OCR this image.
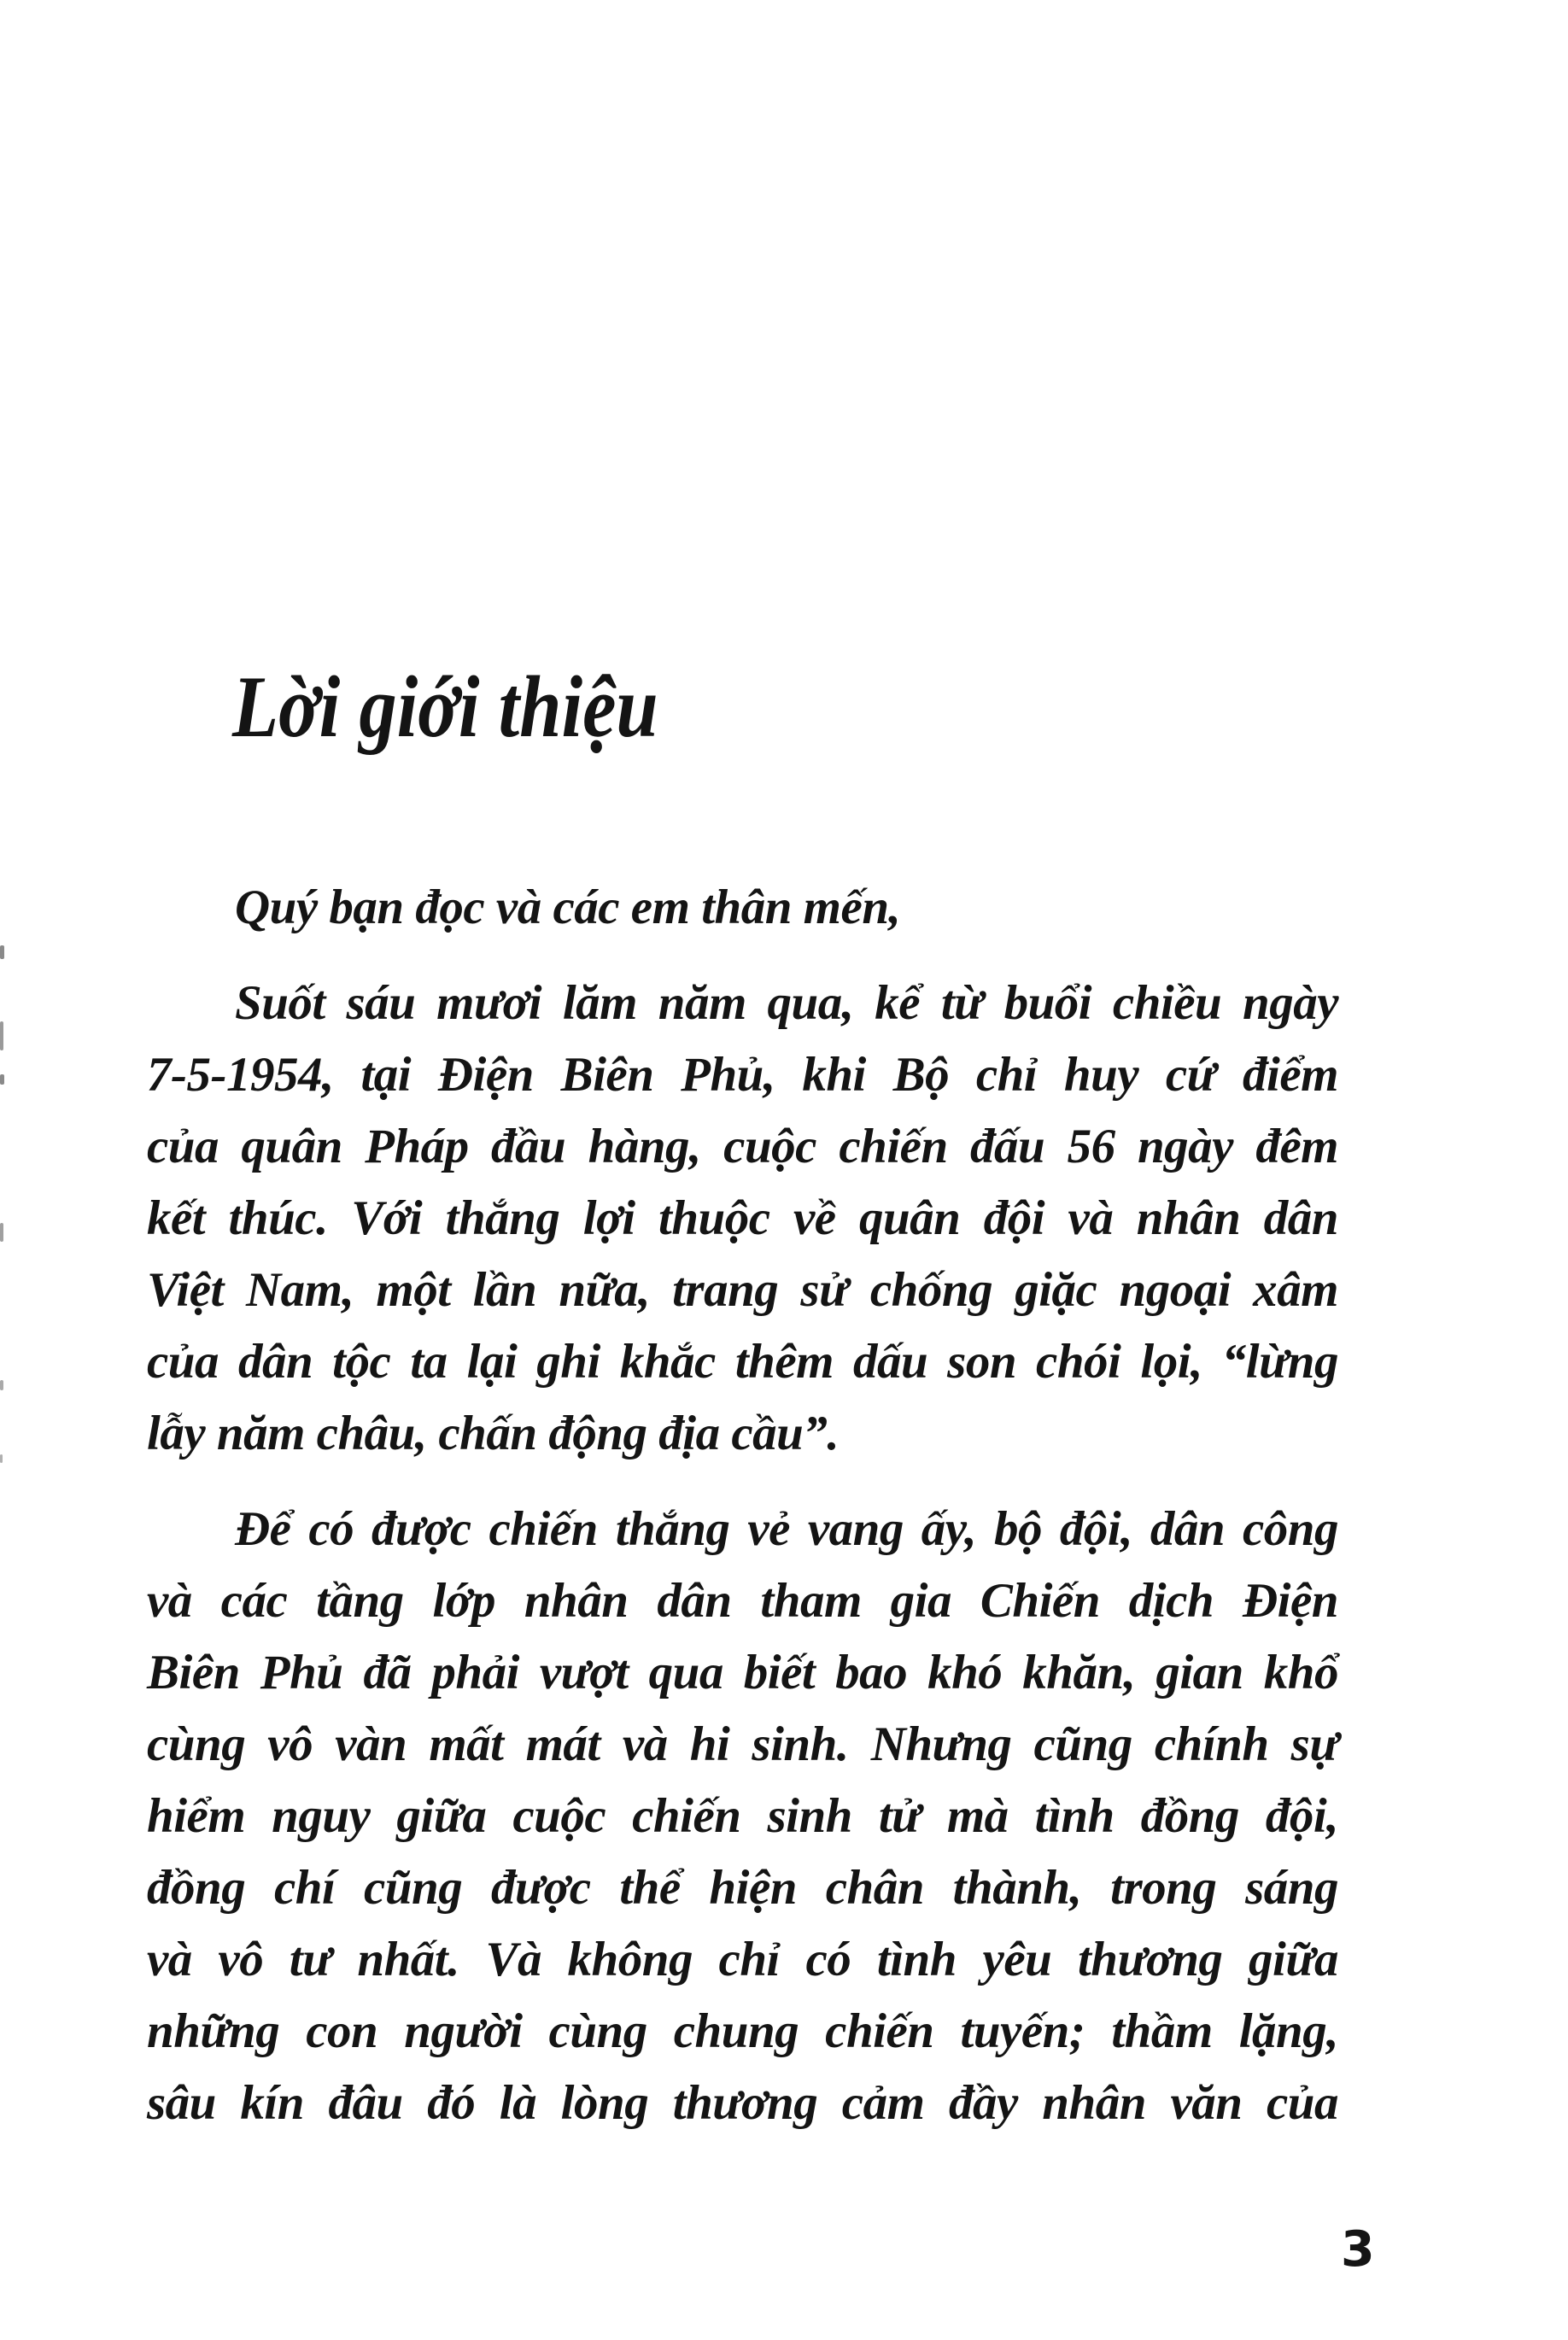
Lời giới thiệu
Quý bạn đọc và các em thân mến,
Suốt sáu mươi lăm năm qua, kể từ buổi chiều ngày
7-5-1954, tại Điện Biên Phủ, khi Bộ chỉ huy cứ điểm
của quân Pháp đầu hàng, cuộc chiến đấu 56 ngày đêm
kết thúc. Với thắng lợi thuộc về quân đội và nhân dân
Việt Nam, một lần nữa, trang sử chống giặc ngoại xâm
của dân tộc ta lại ghi khắc thêm dấu son chói lọi, “lừng
lẫy năm châu, chấn động địa cầu”.
Để có được chiến thắng vẻ vang ấy, bộ đội, dân công
và các tầng lớp nhân dân tham gia Chiến dịch Điện
Biên Phủ đã phải vượt qua biết bao khó khăn, gian khổ
cùng vô vàn mất mát và hi sinh. Nhưng cũng chính sự
hiểm nguy giữa cuộc chiến sinh tử mà tình đồng đội,
đồng chí cũng được thể hiện chân thành, trong sáng
và vô tư nhất. Và không chỉ có tình yêu thương giữa
những con người cùng chung chiến tuyến; thầm lặng,
sâu kín đâu đó là lòng thương cảm đầy nhân văn của
3
